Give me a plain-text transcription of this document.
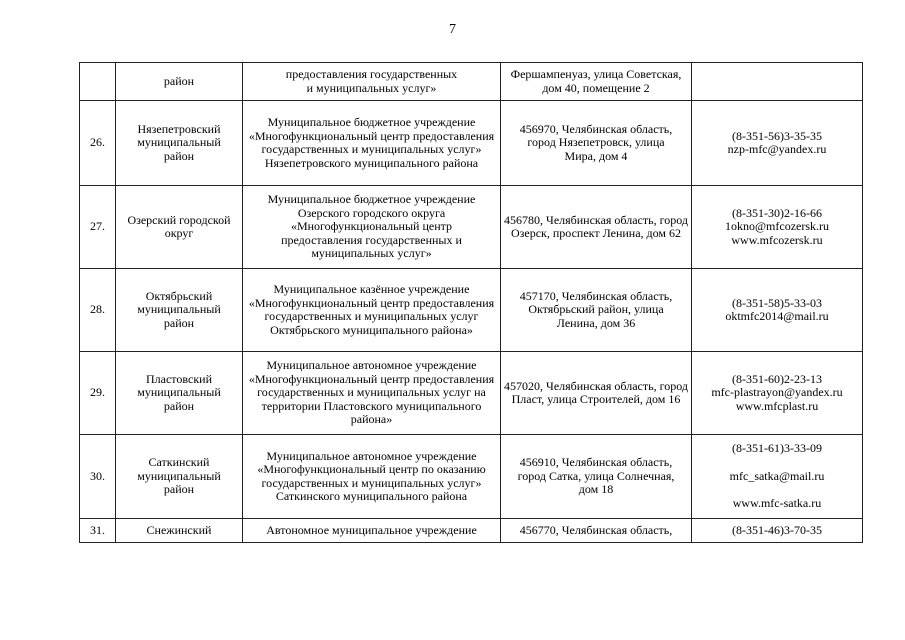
7
	район	предоставления государственных и муниципальных услуг»	Фершампенуаз, улица Советская, дом 40, помещение 2	
26.	Нязепетровский муниципальный район	Муниципальное бюджетное учреждение «Многофункциональный центр предоставления государственных и муниципальных услуг» Нязепетровского муниципального района	456970, Челябинская область, город Нязепетровск, улица Мира, дом 4	(8-351-56)3-35-35
nzp-mfc@yandex.ru

27.	Озерский городской округ	Муниципальное бюджетное учреждение Озерского городского округа «Многофункциональный центр предоставления государственных и муниципальных услуг»	456780, Челябинская область, город Озерск, проспект Ленина, дом 62	(8-351-30)2-16-66
1okno@mfcozersk.ru
www.mfcozersk.ru

28.	Октябрьский муниципальный район	Муниципальное казённое учреждение «Многофункциональный центр предоставления государственных и муниципальных услуг Октябрьского муниципального района»	457170, Челябинская область, Октябрьский район, улица Ленина, дом 36	(8-351-58)5-33-03
oktmfc2014@mail.ru

29.	Пластовский муниципальный район	Муниципальное автономное учреждение «Многофункциональный центр предоставления государственных и муниципальных услуг на территории Пластовского муниципального района»	457020, Челябинская область, город Пласт, улица Строителей, дом 16	(8-351-60)2-23-13
mfc-plastrayon@yandex.ru
www.mfcplast.ru

30.	Саткинский муниципальный район	Муниципальное автономное учреждение «Многофункциональный центр по оказанию государственных и муниципальных услуг» Саткинского муниципального района	456910, Челябинская область, город Сатка, улица Солнечная, дом 18	(8-351-61)3-33-09
mfc_satka@mail.ru
www.mfc-satka.ru

31.	Снежинский	Автономное муниципальное учреждение	456770, Челябинская область,	(8-351-46)3-70-35
